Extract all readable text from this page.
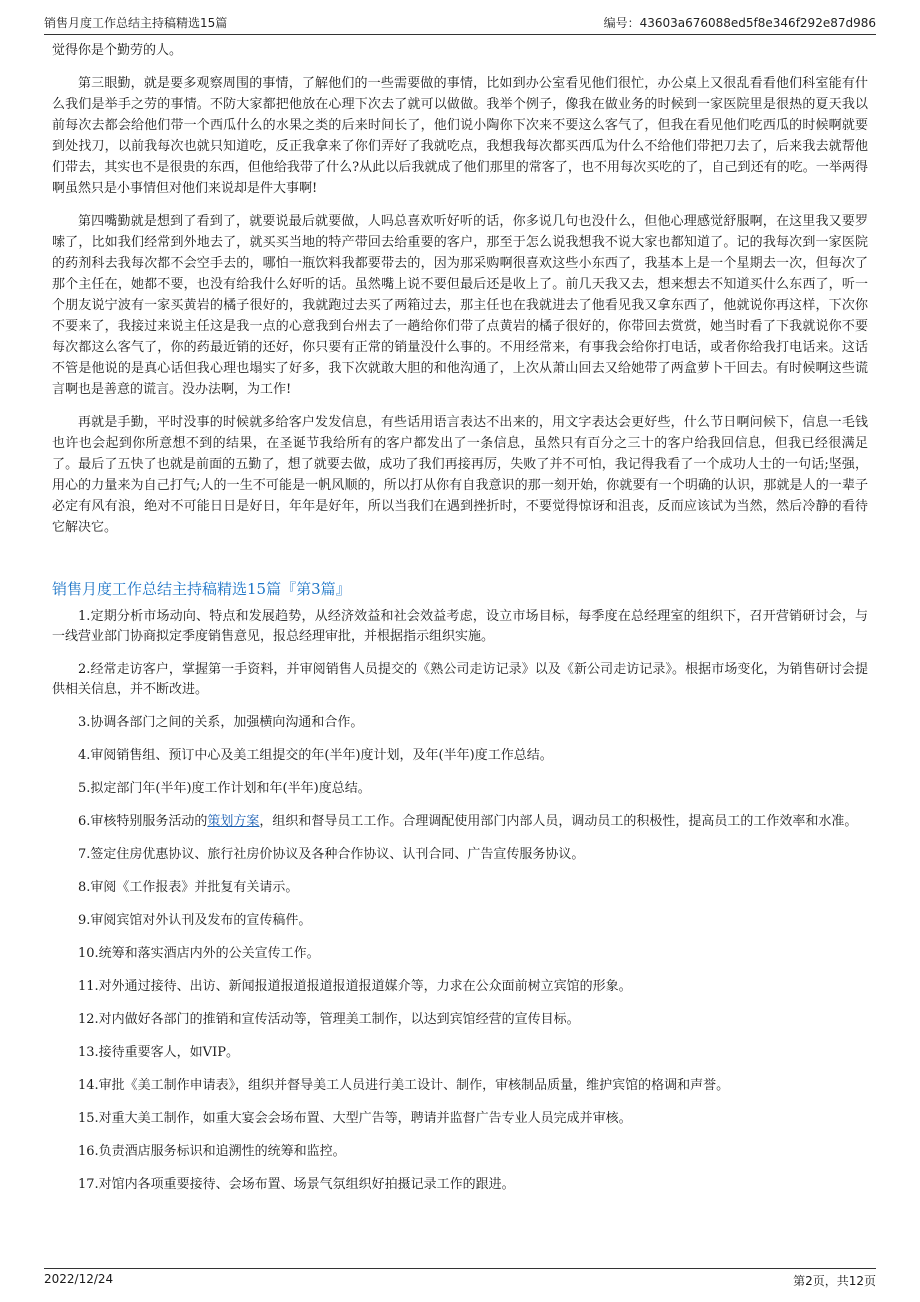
销售月度工作总结主持稿精选15篇	编号：43603a676088ed5f8e346f292e87d986

觉得你是个勤劳的人。

第三眼勤，就是要多观察周围的事情，了解他们的一些需要做的事情，比如到办公室看见他们很忙，办公桌上又很乱看看他们科室能有什么我们是举手之劳的事情。不防大家都把他放在心理下次去了就可以做做。我举个例子，像我在做业务的时候到一家医院里是很热的夏天我以前每次去都会给他们带一个西瓜什么的水果之类的后来时间长了，他们说小陶你下次来不要这么客气了，但我在看见他们吃西瓜的时候啊就要到处找刀，以前我每次也就只知道吃，反正我拿来了你们弄好了我就吃点，我想我每次都买西瓜为什么不给他们带把刀去了，后来我去就帮他们带去，其实也不是很贵的东西，但他给我带了什么?从此以后我就成了他们那里的常客了，也不用每次买吃的了，自己到还有的吃。一举两得啊虽然只是小事情但对他们来说却是件大事啊!

第四嘴勤就是想到了看到了，就要说最后就要做，人吗总喜欢听好听的话，你多说几句也没什么，但他心理感觉舒服啊，在这里我又要罗嗦了，比如我们经常到外地去了，就买买当地的特产带回去给重要的客户，那至于怎么说我想我不说大家也都知道了。记的我每次到一家医院的药剂科去我每次都不会空手去的，哪怕一瓶饮料我都要带去的，因为那采购啊很喜欢这些小东西了，我基本上是一个星期去一次，但每次了那个主任在，她都不要，也没有给我什么好听的话。虽然嘴上说不要但最后还是收上了。前几天我又去，想来想去不知道买什么东西了，听一个朋友说宁波有一家买黄岩的橘子很好的，我就跑过去买了两箱过去，那主任也在我就进去了他看见我又拿东西了，他就说你再这样，下次你不要来了，我接过来说主任这是我一点的心意我到台州去了一趟给你们带了点黄岩的橘子很好的，你带回去赏赏，她当时看了下我就说你不要每次都这么客气了，你的药最近销的还好，你只要有正常的销量没什么事的。不用经常来，有事我会给你打电话，或者你给我打电话来。这话不管是他说的是真心话但我心理也塌实了好多，我下次就敢大胆的和他沟通了，上次从萧山回去又给她带了两盒萝卜干回去。有时候啊这些谎言啊也是善意的谎言。没办法啊，为工作!

再就是手勤，平时没事的时候就多给客户发发信息，有些话用语言表达不出来的，用文字表达会更好些，什么节日啊问候下，信息一毛钱也许也会起到你所意想不到的结果，在圣诞节我给所有的客户都发出了一条信息，虽然只有百分之三十的客户给我回信息，但我已经很满足了。最后了五快了也就是前面的五勤了，想了就要去做，成功了我们再接再厉，失败了并不可怕，我记得我看了一个成功人士的一句话;坚强，用心的力量来为自己打气;人的一生不可能是一帆风顺的，所以打从你有自我意识的那一刻开始，你就要有一个明确的认识，那就是人的一辈子必定有风有浪，绝对不可能日日是好日，年年是好年，所以当我们在遇到挫折时，不要觉得惊讶和沮丧，反而应该试为当然，然后冷静的看待它解决它。

销售月度工作总结主持稿精选15篇『第3篇』

1.定期分析市场动向、特点和发展趋势，从经济效益和社会效益考虑，设立市场目标，每季度在总经理室的组织下，召开营销研讨会，与一线营业部门协商拟定季度销售意见，报总经理审批，并根据指示组织实施。

2.经常走访客户，掌握第一手资料，并审阅销售人员提交的《熟公司走访记录》以及《新公司走访记录》。根据市场变化，为销售研讨会提供相关信息，并不断改进。

3.协调各部门之间的关系，加强横向沟通和合作。

4.审阅销售组、预订中心及美工组提交的年(半年)度计划，及年(半年)度工作总结。

5.拟定部门年(半年)度工作计划和年(半年)度总结。

6.审核特别服务活动的策划方案，组织和督导员工工作。合理调配使用部门内部人员，调动员工的积极性，提高员工的工作效率和水准。

7.签定住房优惠协议、旅行社房价协议及各种合作协议、认刊合同、广告宣传服务协议。

8.审阅《工作报表》并批复有关请示。

9.审阅宾馆对外认刊及发布的宣传稿件。

10.统筹和落实酒店内外的公关宣传工作。

11.对外通过接待、出访、新闻报道报道报道报道报道媒介等，力求在公众面前树立宾馆的形象。

12.对内做好各部门的推销和宣传活动等，管理美工制作，以达到宾馆经营的宣传目标。

13.接待重要客人，如VIP。

14.审批《美工制作申请表》，组织并督导美工人员进行美工设计、制作，审核制品质量，维护宾馆的格调和声誉。

15.对重大美工制作，如重大宴会会场布置、大型广告等，聘请并监督广告专业人员完成并审核。

16.负责酒店服务标识和追溯性的统筹和监控。

17.对馆内各项重要接待、会场布置、场景气氛组织好拍摄记录工作的跟进。

2022/12/24	第2页，共12页
